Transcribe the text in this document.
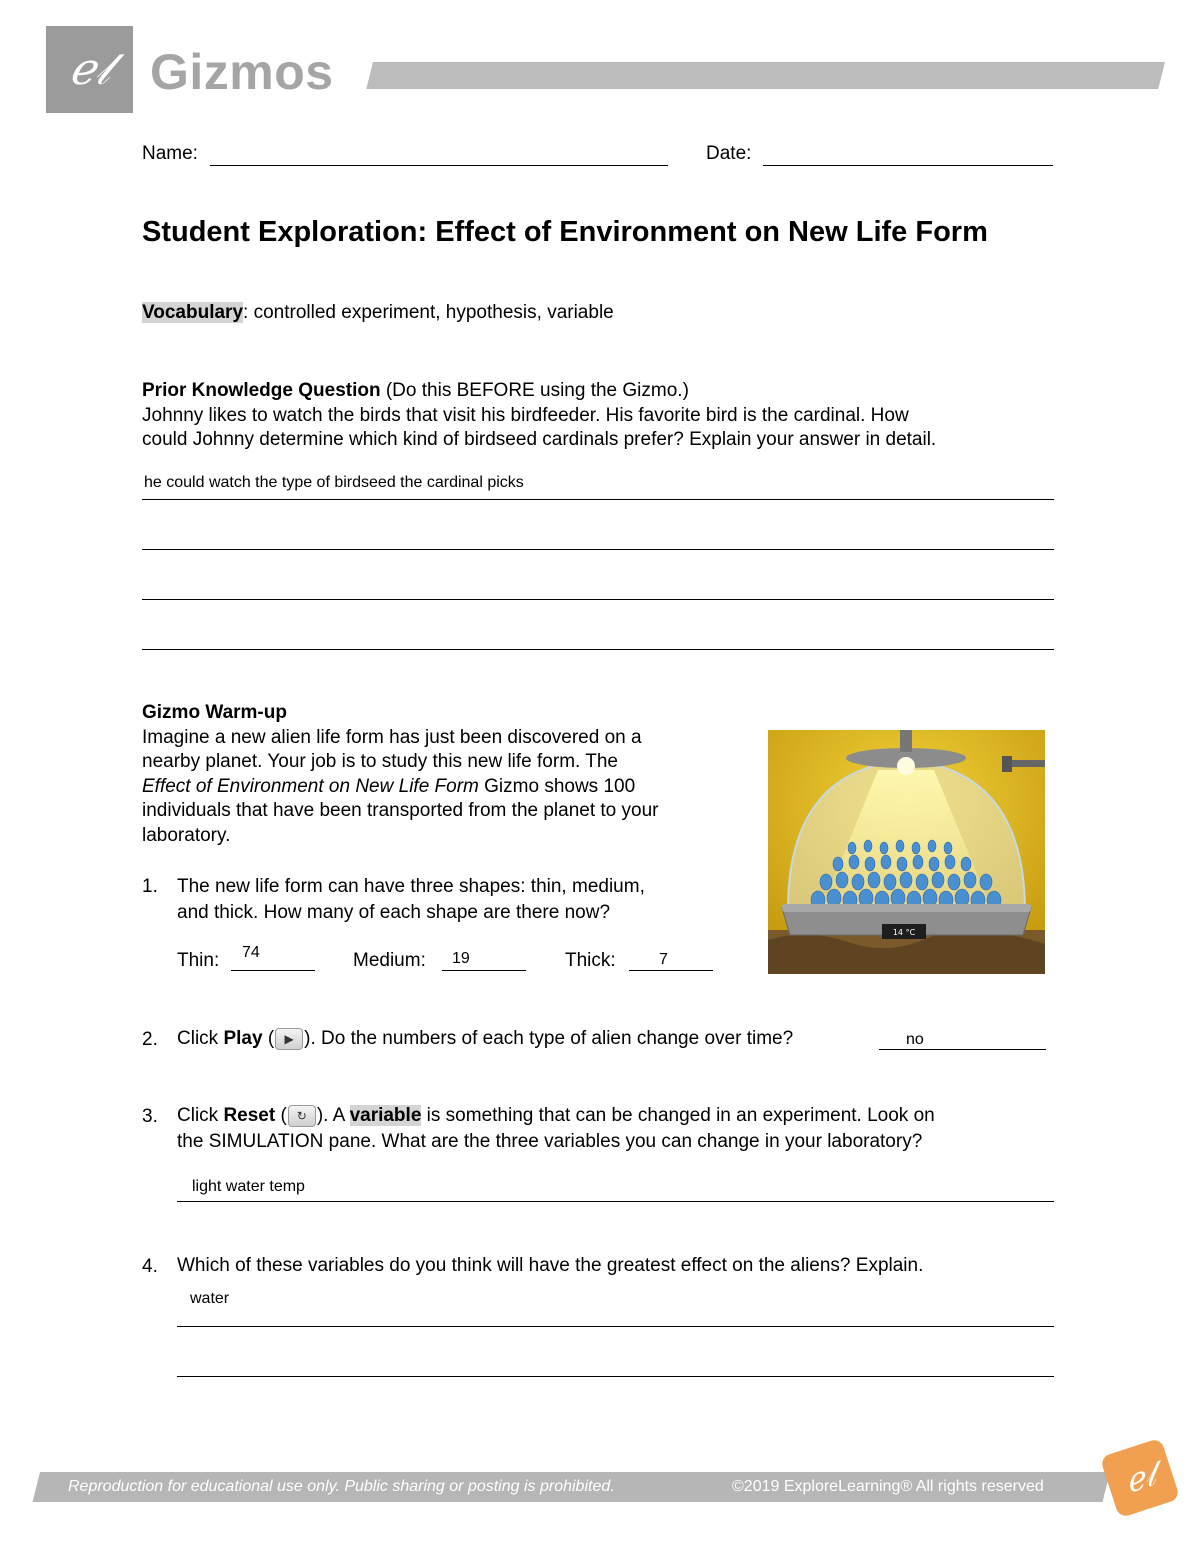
ℯ𝓁 Gizmos
Name:	Date:
Student Exploration: Effect of Environment on New Life Form
Vocabulary: controlled experiment, hypothesis, variable
Prior Knowledge Question (Do this BEFORE using the Gizmo.)
Johnny likes to watch the birds that visit his birdfeeder. His favorite bird is the cardinal. How
could Johnny determine which kind of birdseed cardinals prefer? Explain your answer in detail.
he could watch the type of birdseed the cardinal picks
Gizmo Warm-up
Imagine a new alien life form has just been discovered on a
nearby planet. Your job is to study this new life form. The
Effect of Environment on New Life Form Gizmo shows 100
individuals that have been transported from the planet to your
laboratory.
14 °C
1. The new life form can have three shapes: thin, medium,
and thick. How many of each shape are there now?
Thin: 74	Medium: 19	Thick:	7
2. Click Play ( ▶ ). Do the numbers of each type of alien change over time?	no
3. Click Reset ( ↻ ). A variable is something that can be changed in an experiment. Look on
the SIMULATION pane. What are the three variables you can change in your laboratory?
light water temp
4. Which of these variables do you think will have the greatest effect on the aliens? Explain.
water
Reproduction for educational use only. Public sharing or posting is prohibited.	©2019 ExploreLearning® All rights reserved	ℯ𝓁
